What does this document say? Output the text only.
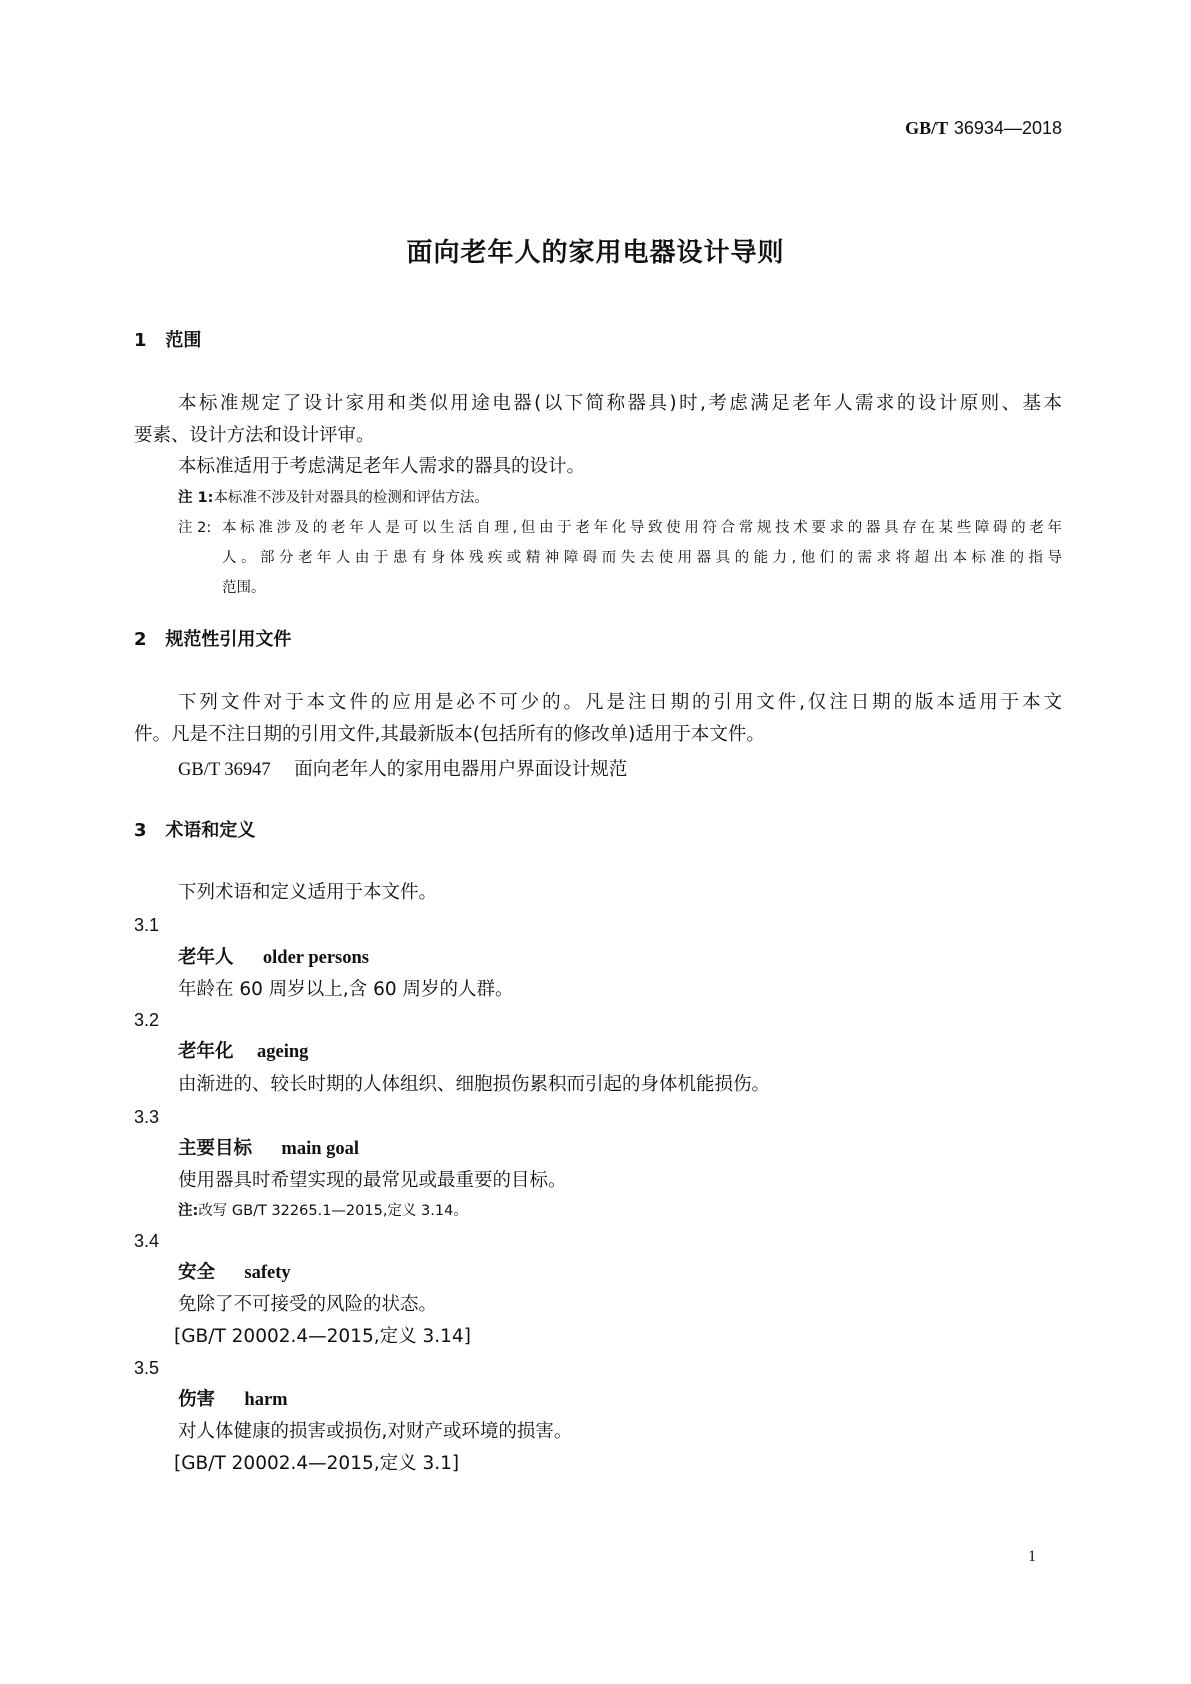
GB/T 36934—2018
面向老年人的家用电器设计导则
1 范围
本标准规定了设计家用和类似用途电器(以下简称器具)时,考虑满足老年人需求的设计原则、基本
要素、设计方法和设计评审。
本标准适用于考虑满足老年人需求的器具的设计。
注 1:本标准不涉及针对器具的检测和评估方法。
注 2: 本标准涉及的老年人是可以生活自理,但由于老年化导致使用符合常规技术要求的器具存在某些障碍的老年
人。部分老年人由于患有身体残疾或精神障碍而失去使用器具的能力,他们的需求将超出本标准的指导
范围。
2 规范性引用文件
下列文件对于本文件的应用是必不可少的。凡是注日期的引用文件,仅注日期的版本适用于本文
件。凡是不注日期的引用文件,其最新版本(包括所有的修改单)适用于本文件。
GB/T 36947 面向老年人的家用电器用户界面设计规范
3 术语和定义
下列术语和定义适用于本文件。
3.1
老年人 older persons
年龄在 60 周岁以上,含 60 周岁的人群。
3.2
老年化 ageing
由渐进的、较长时期的人体组织、细胞损伤累积而引起的身体机能损伤。
3.3
主要目标 main goal
使用器具时希望实现的最常见或最重要的目标。
注:改写 GB/T 32265.1—2015,定义 3.14。
3.4
安全 safety
免除了不可接受的风险的状态。
[GB/T 20002.4—2015,定义 3.14]
3.5
伤害 harm
对人体健康的损害或损伤,对财产或环境的损害。
[GB/T 20002.4—2015,定义 3.1]
1
